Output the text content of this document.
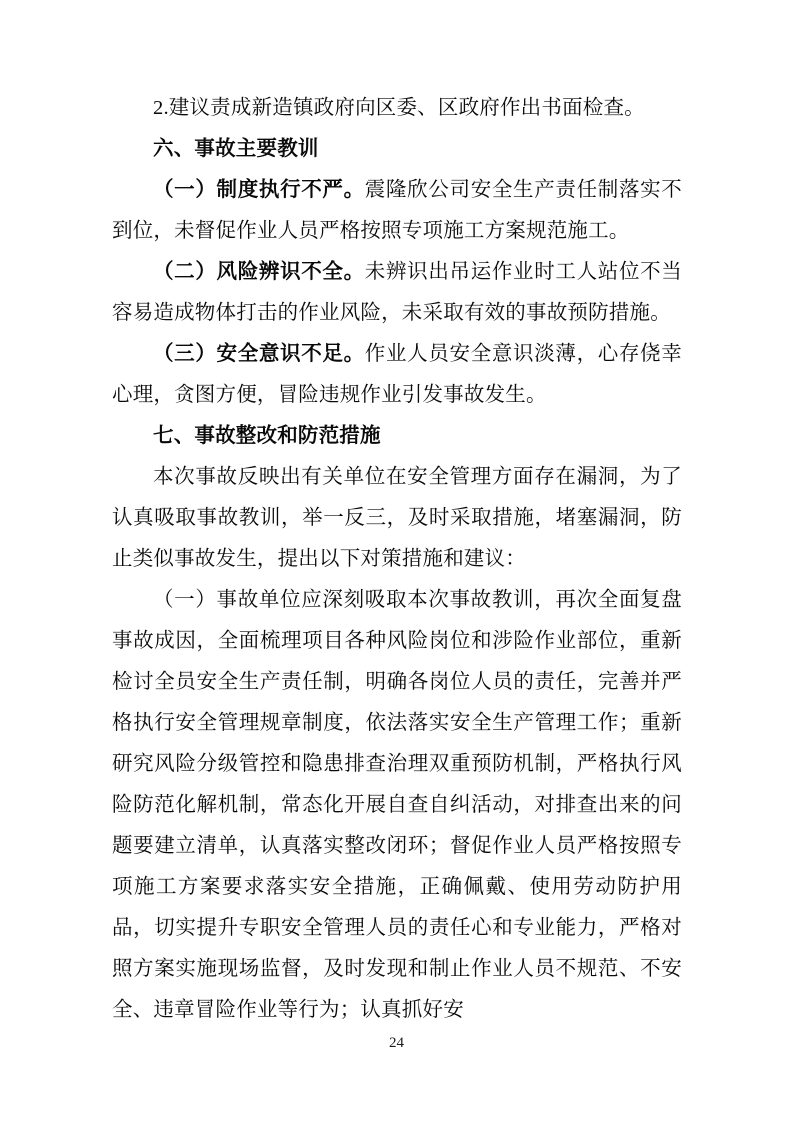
2.建议责成新造镇政府向区委、区政府作出书面检查。

六、事故主要教训

（一）制度执行不严。震隆欣公司安全生产责任制落实不到位，未督促作业人员严格按照专项施工方案规范施工。

（二）风险辨识不全。未辨识出吊运作业时工人站位不当容易造成物体打击的作业风险，未采取有效的事故预防措施。

（三）安全意识不足。作业人员安全意识淡薄，心存侥幸心理，贪图方便，冒险违规作业引发事故发生。

七、事故整改和防范措施

本次事故反映出有关单位在安全管理方面存在漏洞，为了认真吸取事故教训，举一反三，及时采取措施，堵塞漏洞，防止类似事故发生，提出以下对策措施和建议：

（一）事故单位应深刻吸取本次事故教训，再次全面复盘事故成因，全面梳理项目各种风险岗位和涉险作业部位，重新检讨全员安全生产责任制，明确各岗位人员的责任，完善并严格执行安全管理规章制度，依法落实安全生产管理工作；重新研究风险分级管控和隐患排查治理双重预防机制，严格执行风险防范化解机制，常态化开展自查自纠活动，对排查出来的问题要建立清单，认真落实整改闭环；督促作业人员严格按照专项施工方案要求落实安全措施，正确佩戴、使用劳动防护用品，切实提升专职安全管理人员的责任心和专业能力，严格对照方案实施现场监督，及时发现和制止作业人员不规范、不安全、违章冒险作业等行为；认真抓好安

24
